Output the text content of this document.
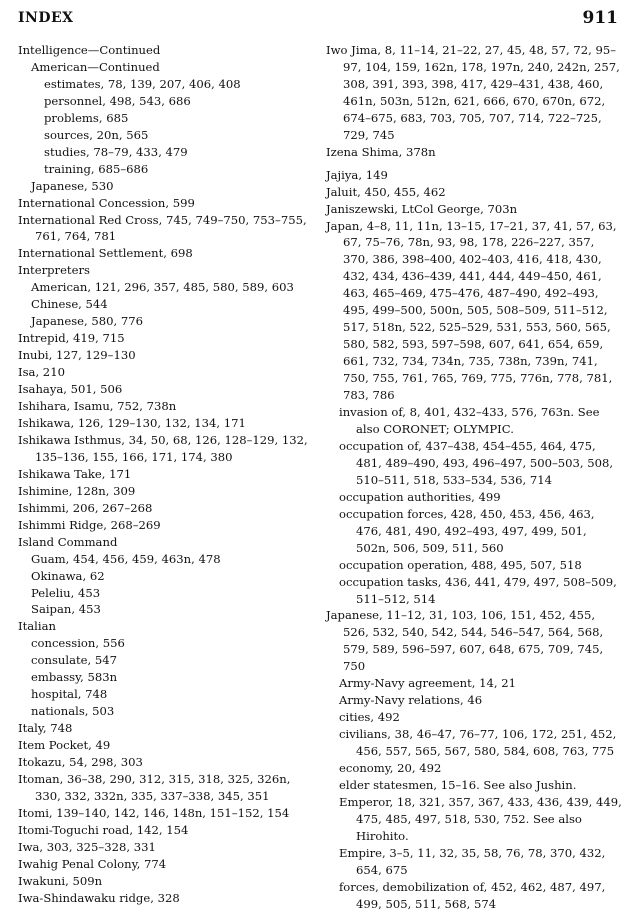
INDEX	911
Intelligence—Continued
American—Continued
estimates, 78, 139, 207, 406, 408
personnel, 498, 543, 686
problems, 685
sources, 20n, 565
studies, 78–79, 433, 479
training, 685–686
Japanese, 530
International Concession, 599
International Red Cross, 745, 749–750, 753–755, 761, 764, 781
International Settlement, 698
Interpreters
American, 121, 296, 357, 485, 580, 589, 603
Chinese, 544
Japanese, 580, 776
Intrepid, 419, 715
Inubi, 127, 129–130
Isa, 210
Isahaya, 501, 506
Ishihara, Isamu, 752, 738n
Ishikawa, 126, 129–130, 132, 134, 171
Ishikawa Isthmus, 34, 50, 68, 126, 128–129, 132, 135–136, 155, 166, 171, 174, 380
Ishikawa Take, 171
Ishimine, 128n, 309
Ishimmi, 206, 267–268
Ishimmi Ridge, 268–269
Island Command
Guam, 454, 456, 459, 463n, 478
Okinawa, 62
Peleliu, 453
Saipan, 453
Italian
concession, 556
consulate, 547
embassy, 583n
hospital, 748
nationals, 503
Italy, 748
Item Pocket, 49
Itokazu, 54, 298, 303
Itoman, 36–38, 290, 312, 315, 318, 325, 326n, 330, 332, 332n, 335, 337–338, 345, 351
Itomi, 139–140, 142, 146, 148n, 151–152, 154
Itomi-Toguchi road, 142, 154
Iwa, 303, 325–328, 331
Iwahig Penal Colony, 774
Iwakuni, 509n
Iwa-Shindawaku ridge, 328
Iwo Jima, 8, 11–14, 21–22, 27, 45, 48, 57, 72, 95–97, 104, 159, 162n, 178, 197n, 240, 242n, 257, 308, 391, 393, 398, 417, 429–431, 438, 460, 461n, 503n, 512n, 621, 666, 670, 670n, 672, 674–675, 683, 703, 705, 707, 714, 722–725, 729, 745
Izena Shima, 378n
Jajiya, 149
Jaluit, 450, 455, 462
Janiszewski, LtCol George, 703n
Japan, 4–8, 11, 11n, 13–15, 17–21, 37, 41, 57, 63, 67, 75–76, 78n, 93, 98, 178, 226–227, 357, 370, 386, 398–400, 402–403, 416, 418, 430, 432, 434, 436–439, 441, 444, 449–450, 461, 463, 465–469, 475–476, 487–490, 492–493, 495, 499–500, 500n, 505, 508–509, 511–512, 517, 518n, 522, 525–529, 531, 553, 560, 565, 580, 582, 593, 597–598, 607, 641, 654, 659, 661, 732, 734, 734n, 735, 738n, 739n, 741, 750, 755, 761, 765, 769, 775, 776n, 778, 781, 783, 786
invasion of, 8, 401, 432–433, 576, 763n. See also CORONET; OLYMPIC.
occupation of, 437–438, 454–455, 464, 475, 481, 489–490, 493, 496–497, 500–503, 508, 510–511, 518, 533–534, 536, 714
occupation authorities, 499
occupation forces, 428, 450, 453, 456, 463, 476, 481, 490, 492–493, 497, 499, 501, 502n, 506, 509, 511, 560
occupation operation, 488, 495, 507, 518
occupation tasks, 436, 441, 479, 497, 508–509, 511–512, 514
Japanese, 11–12, 31, 103, 106, 151, 452, 455, 526, 532, 540, 542, 544, 546–547, 564, 568, 579, 589, 596–597, 607, 648, 675, 709, 745, 750
Army-Navy agreement, 14, 21
Army-Navy relations, 46
cities, 492
civilians, 38, 46–47, 76–77, 106, 172, 251, 452, 456, 557, 565, 567, 580, 584, 608, 763, 775
economy, 20, 492
elder statesmen, 15–16. See also Jushin.
Emperor, 18, 321, 357, 367, 433, 436, 439, 449, 475, 485, 497, 518, 530, 752. See also Hirohito.
Empire, 3–5, 11, 32, 35, 58, 76, 78, 370, 432, 654, 675
forces, demobilization of, 452, 462, 487, 497, 499, 505, 511, 568, 574
